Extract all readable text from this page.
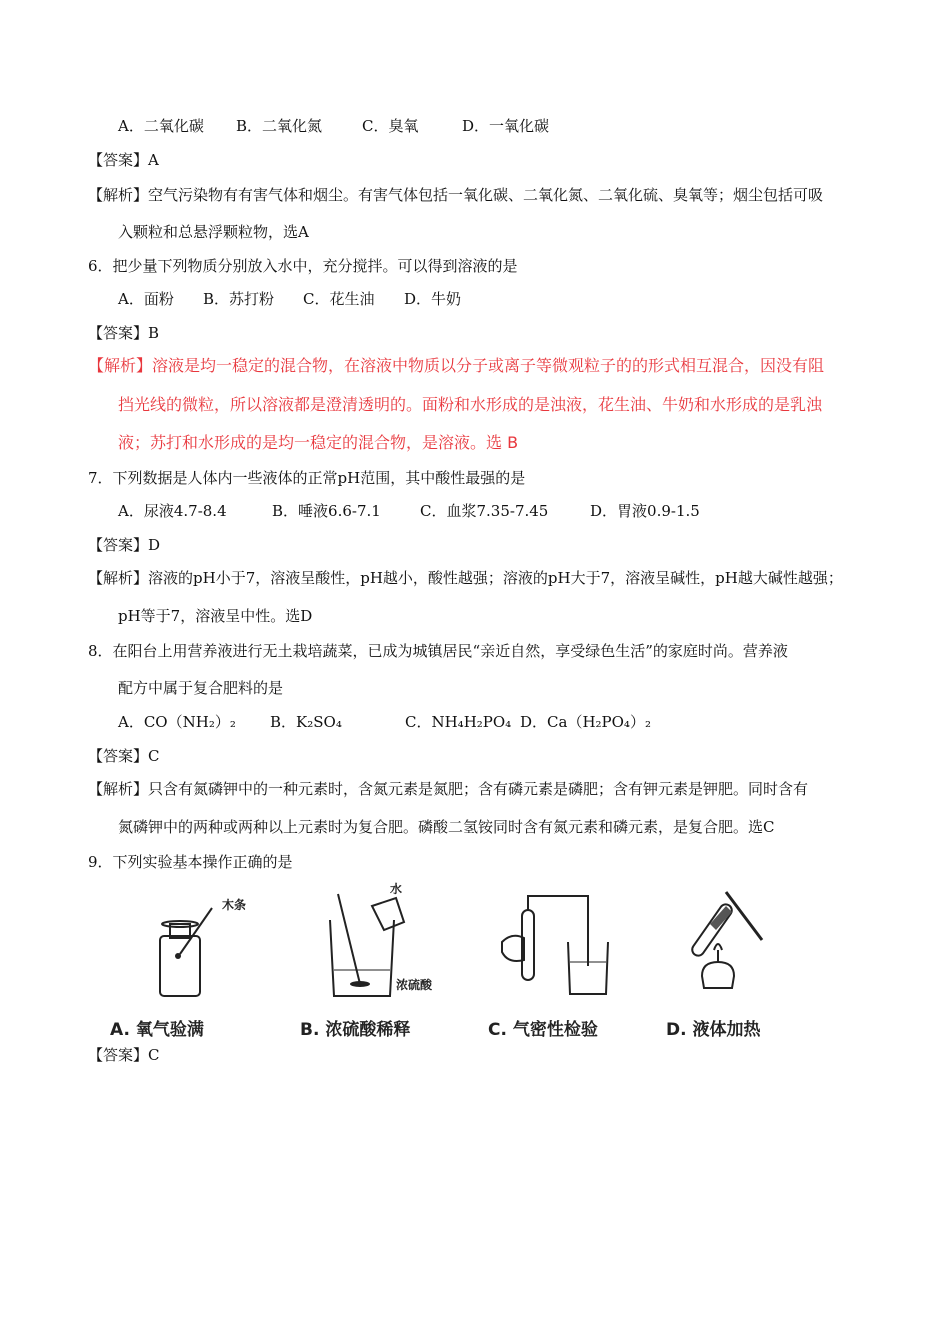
A．二氧化碳 B．二氧化氮	C．臭氧	D．一氧化碳
【答案】A
【解析】空气污染物有有害气体和烟尘。有害气体包括一氧化碳、二氧化氮、二氧化硫、臭氧等；烟尘包括可吸
入颗粒和总悬浮颗粒物，选A
6．把少量下列物质分别放入水中，充分搅拌。可以得到溶液的是
A．面粉 B．苏打粉 C．花生油 D．牛奶
【答案】B
【解析】溶液是均一稳定的混合物，在溶液中物质以分子或离子等微观粒子的的形式相互混合，因没有阻
挡光线的微粒，所以溶液都是澄清透明的。面粉和水形成的是浊液，花生油、牛奶和水形成的是乳浊
液；苏打和水形成的是均一稳定的混合物，是溶液。选 B
7．下列数据是人体内一些液体的正常pH范围，其中酸性最强的是
A．尿液4.7-8.4	B．唾液6.6-7.1	C．血浆7.35-7.45	D．胃液0.9-1.5
【答案】D
【解析】溶液的pH小于7，溶液呈酸性，pH越小，酸性越强；溶液的pH大于7，溶液呈碱性，pH越大碱性越强；
pH等于7，溶液呈中性。选D
8．在阳台上用营养液进行无土栽培蔬菜，已成为城镇居民“亲近自然，享受绿色生活”的家庭时尚。营养液
配方中属于复合肥料的是
A．CO（NH₂）₂ B．K₂SO₄	C．NH₄H₂PO₄ D．Ca（H₂PO₄）₂
【答案】C
【解析】只含有氮磷钾中的一种元素时，含氮元素是氮肥；含有磷元素是磷肥；含有钾元素是钾肥。同时含有
氮磷钾中的两种或两种以上元素时为复合肥。磷酸二氢铵同时含有氮元素和磷元素，是复合肥。选C
9．下列实验基本操作正确的是
木条
A. 氧气验满
水
浓硫酸
B. 浓硫酸稀释	C. 气密性检验	D. 液体加热
【答案】C
